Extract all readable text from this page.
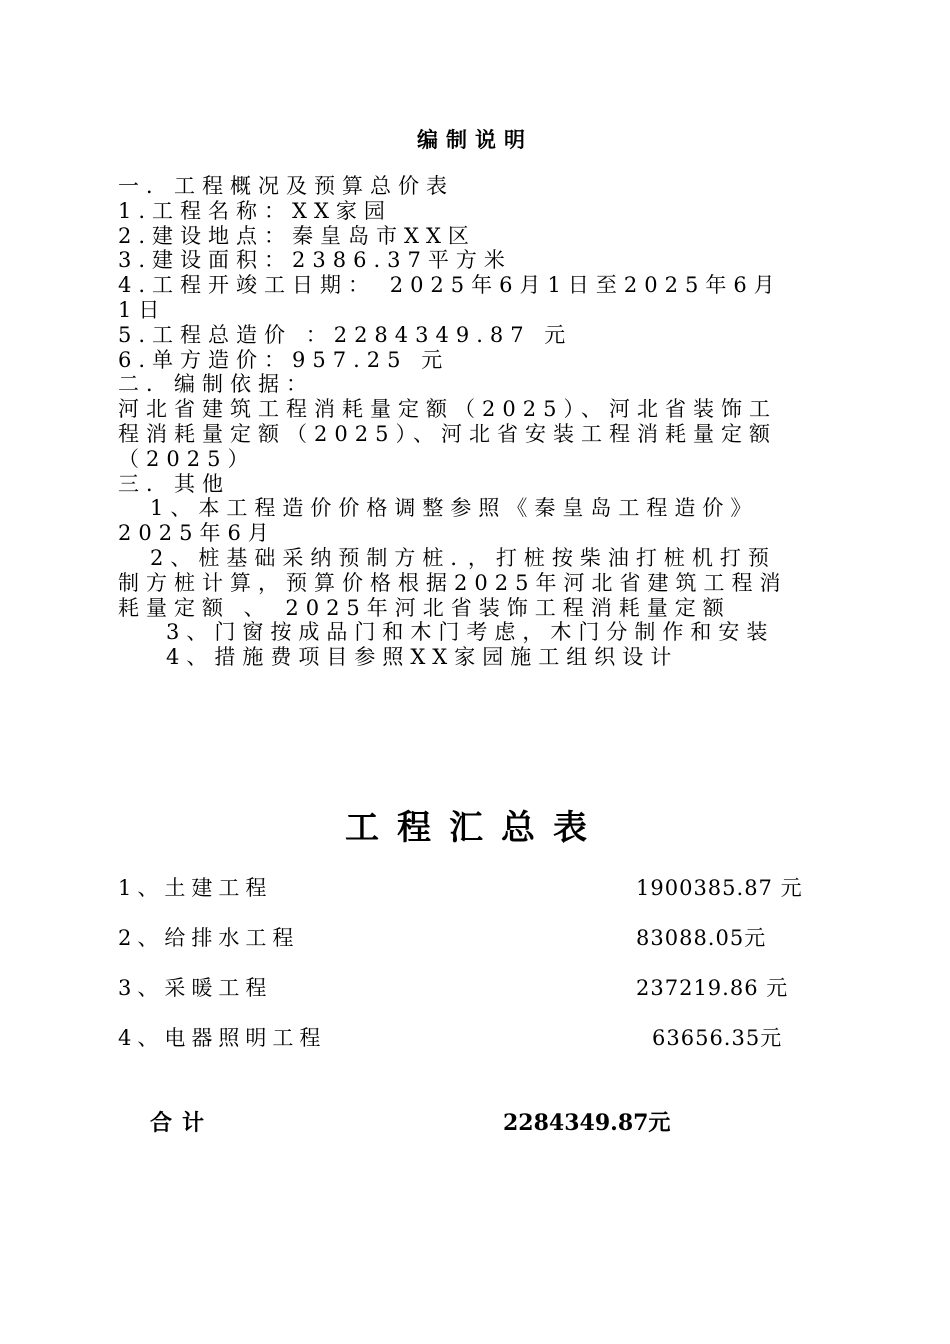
编制说明

一．工程概况及预算总价表

1.工程名称：XX家园

2.建设地点：秦皇岛市XX区

3.建设面积：2386.37平方米

4.工程开竣工日期： 2025年6月1日至2025年6月1日

5.工程总造价 ：2284349.87 元

6.单方造价：957.25 元

二．编制依据：

河北省建筑工程消耗量定额（2025）、河北省装饰工程消耗量定额（2025）、河北省安装工程消耗量定额（2025）

三．其他

1、本工程造价价格调整参照《秦皇岛工程造价》2025年6月

2、桩基础采纳预制方桩．，打桩按柴油打桩机打预制方桩计算，预算价格根据2025年河北省建筑工程消耗量定额 、 2025年河北省装饰工程消耗量定额

3、门窗按成品门和木门考虑，木门分制作和安装

4、措施费项目参照XX家园施工组织设计

工程汇总表
1、土建工程	1900385.87 元
2、给排水工程	83088.05元
3、采暖工程	237219.86 元
4、电器照明工程	63656.35元
合计	2284349.87元
